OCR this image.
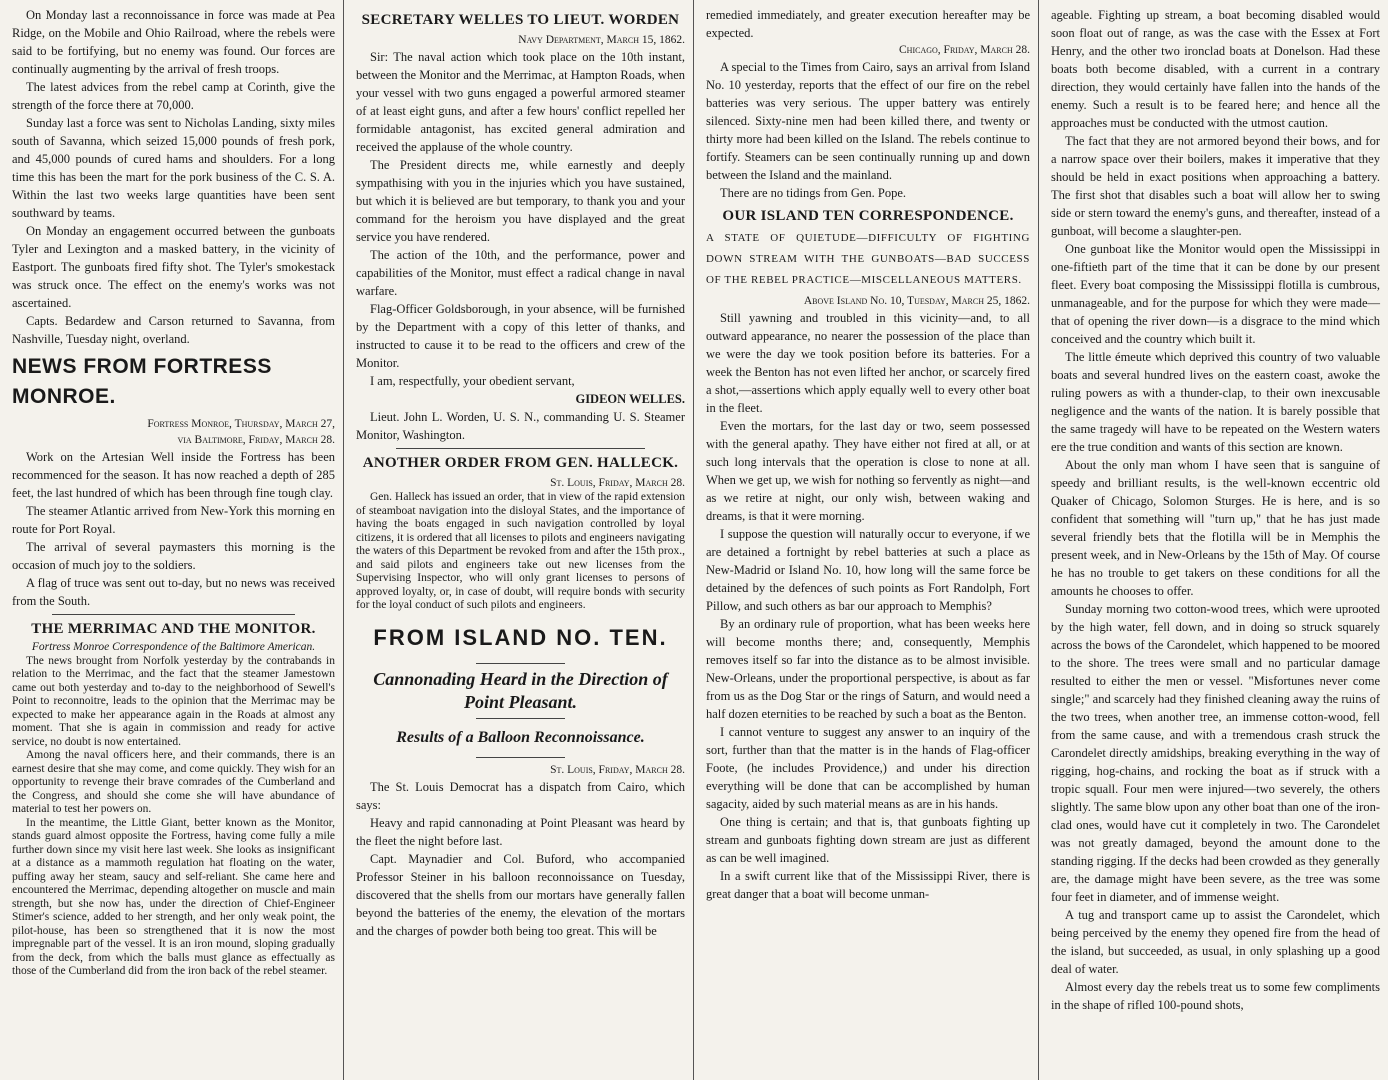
On Monday last a reconnoissance in force was made at Pea Ridge, on the Mobile and Ohio Railroad, where the rebels were said to be fortifying, but no enemy was found. Our forces are continually augmenting by the arrival of fresh troops.

The latest advices from the rebel camp at Corinth, give the strength of the force there at 70,000.

Sunday last a force was sent to Nicholas Landing, sixty miles south of Savanna, which seized 15,000 pounds of fresh pork, and 45,000 pounds of cured hams and shoulders. For a long time this has been the mart for the pork business of the C. S. A. Within the last two weeks large quantities have been sent southward by teams.

On Monday an engagement occurred between the gunboats Tyler and Lexington and a masked battery, in the vicinity of Eastport. The gunboats fired fifty shot. The Tyler's smokestack was struck once. The effect on the enemy's works was not ascertained.

Capts. Bedardew and Carson returned to Savanna, from Nashville, Tuesday night, overland.

NEWS FROM FORTRESS MONROE.

Fortress Monroe, Thursday, March 27,

via Baltimore, Friday, March 28.

Work on the Artesian Well inside the Fortress has been recommenced for the season. It has now reached a depth of 285 feet, the last hundred of which has been through fine tough clay.

The steamer Atlantic arrived from New-York this morning en route for Port Royal.

The arrival of several paymasters this morning is the occasion of much joy to the soldiers.

A flag of truce was sent out to-day, but no news was received from the South.

THE MERRIMAC AND THE MONITOR.

Fortress Monroe Correspondence of the Baltimore American.

The news brought from Norfolk yesterday by the contrabands in relation to the Merrimac, and the fact that the steamer Jamestown came out both yesterday and to-day to the neighborhood of Sewell's Point to reconnoitre, leads to the opinion that the Merrimac may be expected to make her appearance again in the Roads at almost any moment. That she is again in commission and ready for active service, no doubt is now entertained.

Among the naval officers here, and their commands, there is an earnest desire that she may come, and come quickly. They wish for an opportunity to revenge their brave comrades of the Cumberland and the Congress, and should she come she will have abundance of material to test her powers on.

In the meantime, the Little Giant, better known as the Monitor, stands guard almost opposite the Fortress, having come fully a mile further down since my visit here last week. She looks as insignificant at a distance as a mammoth regulation hat floating on the water, puffing away her steam, saucy and self-reliant. She came here and encountered the Merrimac, depending altogether on muscle and main strength, but she now has, under the direction of Chief-Engineer Stimer's science, added to her strength, and her only weak point, the pilot-house, has been so strengthened that it is now the most impregnable part of the vessel. It is an iron mound, sloping gradually from the deck, from which the balls must glance as effectually as those of the Cumberland did from the iron back of the rebel steamer.

SECRETARY WELLES TO LIEUT. WORDEN

Navy Department, March 15, 1862.

Sir: The naval action which took place on the 10th instant, between the Monitor and the Merrimac, at Hampton Roads, when your vessel with two guns engaged a powerful armored steamer of at least eight guns, and after a few hours' conflict repelled her formidable antagonist, has excited general admiration and received the applause of the whole country.

The President directs me, while earnestly and deeply sympathising with you in the injuries which you have sustained, but which it is believed are but temporary, to thank you and your command for the heroism you have displayed and the great service you have rendered.

The action of the 10th, and the performance, power and capabilities of the Monitor, must effect a radical change in naval warfare.

Flag-Officer Goldsborough, in your absence, will be furnished by the Department with a copy of this letter of thanks, and instructed to cause it to be read to the officers and crew of the Monitor.

I am, respectfully, your obedient servant,

GIDEON WELLES.

Lieut. John L. Worden, U. S. N., commanding U. S. Steamer Monitor, Washington.

ANOTHER ORDER FROM GEN. HALLECK.

St. Louis, Friday, March 28.

Gen. Halleck has issued an order, that in view of the rapid extension of steamboat navigation into the disloyal States, and the importance of having the boats engaged in such navigation controlled by loyal citizens, it is ordered that all licenses to pilots and engineers navigating the waters of this Department be revoked from and after the 15th prox., and said pilots and engineers take out new licenses from the Supervising Inspector, who will only grant licenses to persons of approved loyalty, or, in case of doubt, will require bonds with security for the loyal conduct of such pilots and engineers.

FROM ISLAND NO. TEN.
Cannonading Heard in the Direction of Point Pleasant.
Results of a Balloon Reconnoissance.

St. Louis, Friday, March 28.

The St. Louis Democrat has a dispatch from Cairo, which says:

Heavy and rapid cannonading at Point Pleasant was heard by the fleet the night before last.

Capt. Maynadier and Col. Buford, who accompanied Professor Steiner in his balloon reconnoissance on Tuesday, discovered that the shells from our mortars have generally fallen beyond the batteries of the enemy, the elevation of the mortars and the charges of powder both being too great. This will be

remedied immediately, and greater execution hereafter may be expected.

Chicago, Friday, March 28.

A special to the Times from Cairo, says an arrival from Island No. 10 yesterday, reports that the effect of our fire on the rebel batteries was very serious. The upper battery was entirely silenced. Sixty-nine men had been killed there, and twenty or thirty more had been killed on the Island. The rebels continue to fortify. Steamers can be seen continually running up and down between the Island and the mainland.

There are no tidings from Gen. Pope.

OUR ISLAND TEN CORRESPONDENCE.
A STATE OF QUIETUDE—DIFFICULTY OF FIGHTING DOWN STREAM WITH THE GUNBOATS—BAD SUCCESS OF THE REBEL PRACTICE—MISCELLANEOUS MATTERS.

Above Island No. 10, Tuesday, March 25, 1862.

Still yawning and troubled in this vicinity—and, to all outward appearance, no nearer the possession of the place than we were the day we took position before its batteries. For a week the Benton has not even lifted her anchor, or scarcely fired a shot,—assertions which apply equally well to every other boat in the fleet.

Even the mortars, for the last day or two, seem possessed with the general apathy. They have either not fired at all, or at such long intervals that the operation is close to none at all. When we get up, we wish for nothing so fervently as night—and as we retire at night, our only wish, between waking and dreams, is that it were morning.

I suppose the question will naturally occur to everyone, if we are detained a fortnight by rebel batteries at such a place as New-Madrid or Island No. 10, how long will the same force be detained by the defences of such points as Fort Randolph, Fort Pillow, and such others as bar our approach to Memphis?

By an ordinary rule of proportion, what has been weeks here will become months there; and, consequently, Memphis removes itself so far into the distance as to be almost invisible. New-Orleans, under the proportional perspective, is about as far from us as the Dog Star or the rings of Saturn, and would need a half dozen eternities to be reached by such a boat as the Benton.

I cannot venture to suggest any answer to an inquiry of the sort, further than that the matter is in the hands of Flag-officer Foote, (he includes Providence,) and under his direction everything will be done that can be accomplished by human sagacity, aided by such material means as are in his hands.

One thing is certain; and that is, that gunboats fighting up stream and gunboats fighting down stream are just as different as can be well imagined.

In a swift current like that of the Mississippi River, there is great danger that a boat will become unman-

ageable. Fighting up stream, a boat becoming disabled would soon float out of range, as was the case with the Essex at Fort Henry, and the other two ironclad boats at Donelson. Had these boats both become disabled, with a current in a contrary direction, they would certainly have fallen into the hands of the enemy. Such a result is to be feared here; and hence all the approaches must be conducted with the utmost caution.

The fact that they are not armored beyond their bows, and for a narrow space over their boilers, makes it imperative that they should be held in exact positions when approaching a battery. The first shot that disables such a boat will allow her to swing side or stern toward the enemy's guns, and thereafter, instead of a gunboat, will become a slaughter-pen.

One gunboat like the Monitor would open the Mississippi in one-fiftieth part of the time that it can be done by our present fleet. Every boat composing the Mississippi flotilla is cumbrous, unmanageable, and for the purpose for which they were made—that of opening the river down—is a disgrace to the mind which conceived and the country which built it.

The little émeute which deprived this country of two valuable boats and several hundred lives on the eastern coast, awoke the ruling powers as with a thunder-clap, to their own inexcusable negligence and the wants of the nation. It is barely possible that the same tragedy will have to be repeated on the Western waters ere the true condition and wants of this section are known.

About the only man whom I have seen that is sanguine of speedy and brilliant results, is the well-known eccentric old Quaker of Chicago, Solomon Sturges. He is here, and is so confident that something will "turn up," that he has just made several friendly bets that the flotilla will be in Memphis the present week, and in New-Orleans by the 15th of May. Of course he has no trouble to get takers on these conditions for all the amounts he chooses to offer.

Sunday morning two cotton-wood trees, which were uprooted by the high water, fell down, and in doing so struck squarely across the bows of the Carondelet, which happened to be moored to the shore. The trees were small and no particular damage resulted to either the men or vessel. "Misfortunes never come single;" and scarcely had they finished cleaning away the ruins of the two trees, when another tree, an immense cotton-wood, fell from the same cause, and with a tremendous crash struck the Carondelet directly amidships, breaking everything in the way of rigging, hog-chains, and rocking the boat as if struck with a tropic squall. Four men were injured—two severely, the others slightly. The same blow upon any other boat than one of the iron-clad ones, would have cut it completely in two. The Carondelet was not greatly damaged, beyond the amount done to the standing rigging. If the decks had been crowded as they generally are, the damage might have been severe, as the tree was some four feet in diameter, and of immense weight.

A tug and transport came up to assist the Carondelet, which being perceived by the enemy they opened fire from the head of the island, but succeeded, as usual, in only splashing up a good deal of water.

Almost every day the rebels treat us to some few compliments in the shape of rifled 100-pound shots,
